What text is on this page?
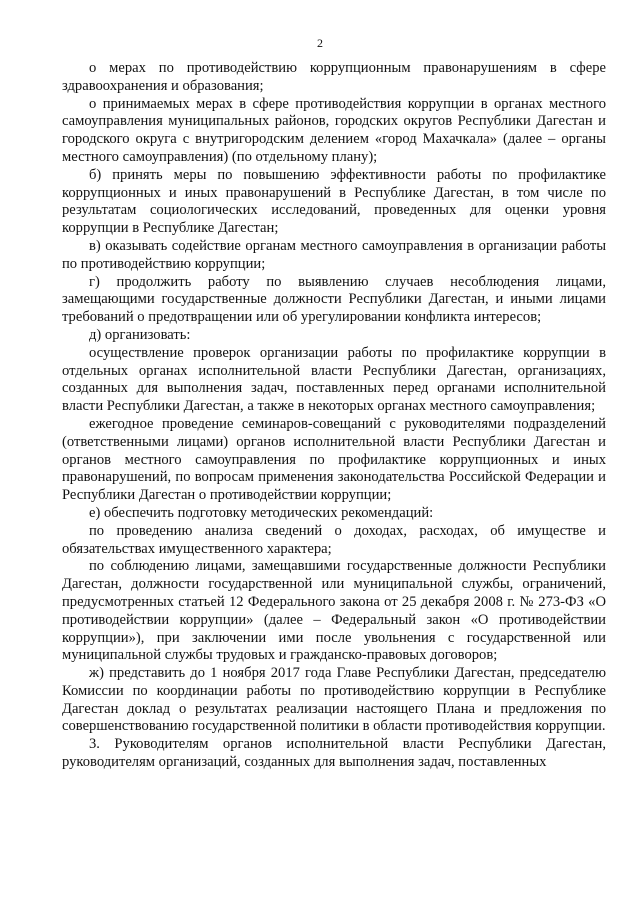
2

о мерах по противодействию коррупционным правонарушениям в сфере здравоохранения и образования;

о принимаемых мерах в сфере противодействия коррупции в органах местного самоуправления муниципальных районов, городских округов Республики Дагестан и городского округа с внутригородским делением «город Махачкала» (далее – органы местного самоуправления) (по отдельному плану);

б) принять меры по повышению эффективности работы по профилактике коррупционных и иных правонарушений в Республике Дагестан, в том числе по результатам социологических исследований, проведенных для оценки уровня коррупции в Республике Дагестан;

в) оказывать содействие органам местного самоуправления в организации работы по противодействию коррупции;

г) продолжить работу по выявлению случаев несоблюдения лицами, замещающими государственные должности Республики Дагестан, и иными лицами требований о предотвращении или об урегулировании конфликта интересов;

д) организовать:

осуществление проверок организации работы по профилактике коррупции в отдельных органах исполнительной власти Республики Дагестан, организациях, созданных для выполнения задач, поставленных перед органами исполнительной власти Республики Дагестан, а также в некоторых органах местного самоуправления;

ежегодное проведение семинаров-совещаний с руководителями подразделений (ответственными лицами) органов исполнительной власти Республики Дагестан и органов местного самоуправления по профилактике коррупционных и иных правонарушений, по вопросам применения законодательства Российской Федерации и Республики Дагестан о противодействии коррупции;

е) обеспечить подготовку методических рекомендаций:

по проведению анализа сведений о доходах, расходах, об имуществе и обязательствах имущественного характера;

по соблюдению лицами, замещавшими государственные должности Республики Дагестан, должности государственной или муниципальной службы, ограничений, предусмотренных статьей 12 Федерального закона от 25 декабря 2008 г. № 273-ФЗ «О противодействии коррупции» (далее – Федеральный закон «О противодействии коррупции»), при заключении ими после увольнения с государственной или муниципальной службы трудовых и гражданско-правовых договоров;

ж) представить до 1 ноября 2017 года Главе Республики Дагестан, председателю Комиссии по координации работы по противодействию коррупции в Республике Дагестан доклад о результатах реализации настоящего Плана и предложения по совершенствованию государственной политики в области противодействия коррупции.

3. Руководителям органов исполнительной власти Республики Дагестан, руководителям организаций, созданных для выполнения задач, поставленных
